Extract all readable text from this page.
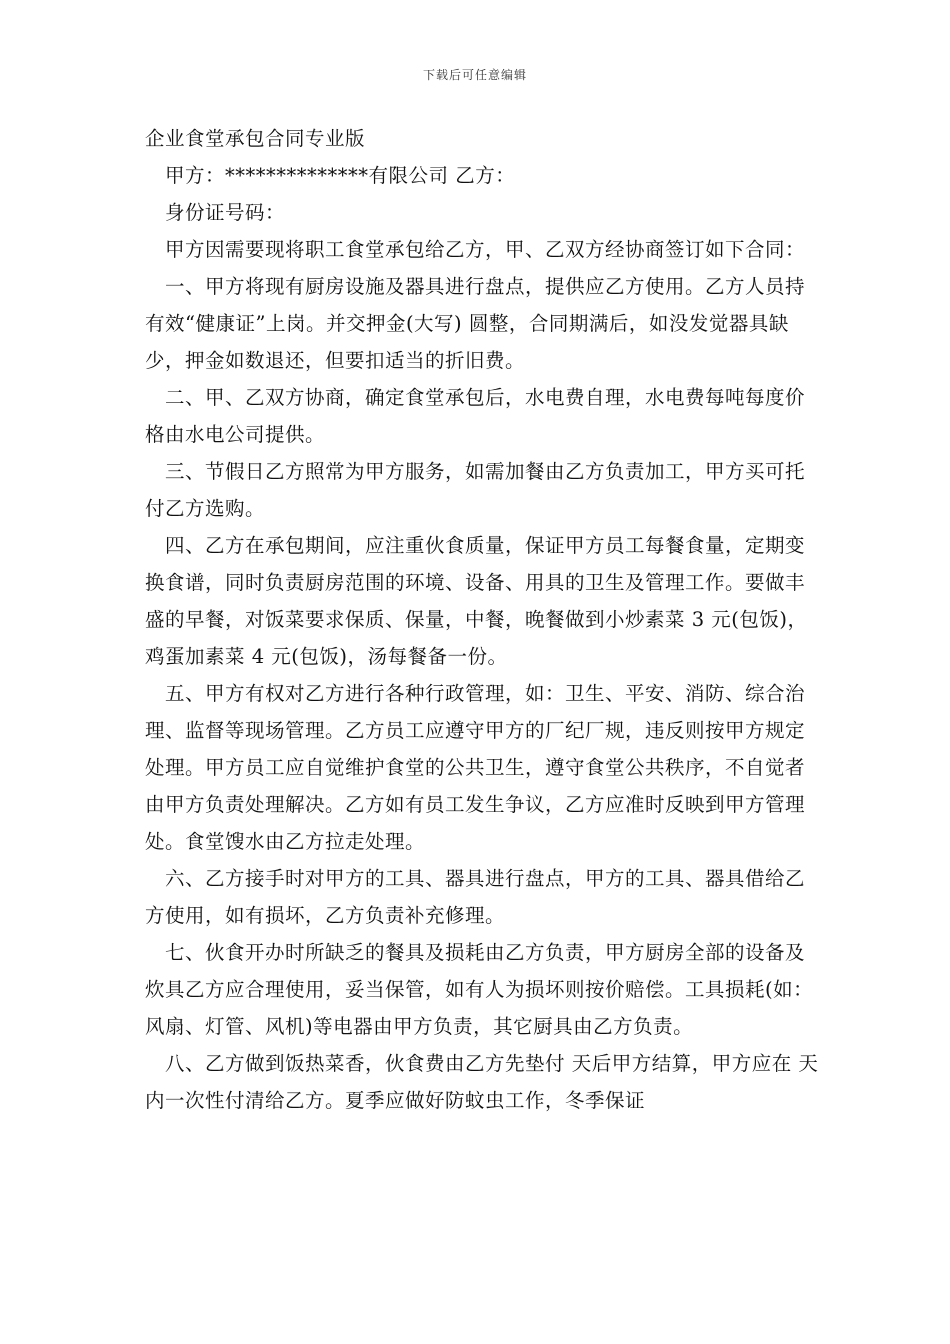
下载后可任意编辑
企业食堂承包合同专业版

甲方：**************有限公司 乙方：

身份证号码：

甲方因需要现将职工食堂承包给乙方，甲、乙双方经协商签订如下合同：

一、甲方将现有厨房设施及器具进行盘点，提供应乙方使用。乙方人员持有效“健康证”上岗。并交押金(大写) 圆整，合同期满后，如没发觉器具缺少，押金如数退还，但要扣适当的折旧费。

二、甲、乙双方协商，确定食堂承包后，水电费自理，水电费每吨每度价格由水电公司提供。

三、节假日乙方照常为甲方服务，如需加餐由乙方负责加工，甲方买可托付乙方选购。

四、乙方在承包期间，应注重伙食质量，保证甲方员工每餐食量，定期变换食谱，同时负责厨房范围的环境、设备、用具的卫生及管理工作。要做丰盛的早餐，对饭菜要求保质、保量，中餐，晚餐做到小炒素菜 3 元(包饭)，鸡蛋加素菜 4 元(包饭)，汤每餐备一份。

五、甲方有权对乙方进行各种行政管理，如：卫生、平安、消防、综合治理、监督等现场管理。乙方员工应遵守甲方的厂纪厂规，违反则按甲方规定处理。甲方员工应自觉维护食堂的公共卫生，遵守食堂公共秩序，不自觉者由甲方负责处理解决。乙方如有员工发生争议，乙方应准时反映到甲方管理处。食堂馊水由乙方拉走处理。

六、乙方接手时对甲方的工具、器具进行盘点，甲方的工具、器具借给乙方使用，如有损坏，乙方负责补充修理。

七、伙食开办时所缺乏的餐具及损耗由乙方负责，甲方厨房全部的设备及炊具乙方应合理使用，妥当保管，如有人为损坏则按价赔偿。工具损耗(如：风扇、灯管、风机)等电器由甲方负责，其它厨具由乙方负责。

八、乙方做到饭热菜香，伙食费由乙方先垫付 天后甲方结算，甲方应在 天内一次性付清给乙方。夏季应做好防蚊虫工作，冬季保证
